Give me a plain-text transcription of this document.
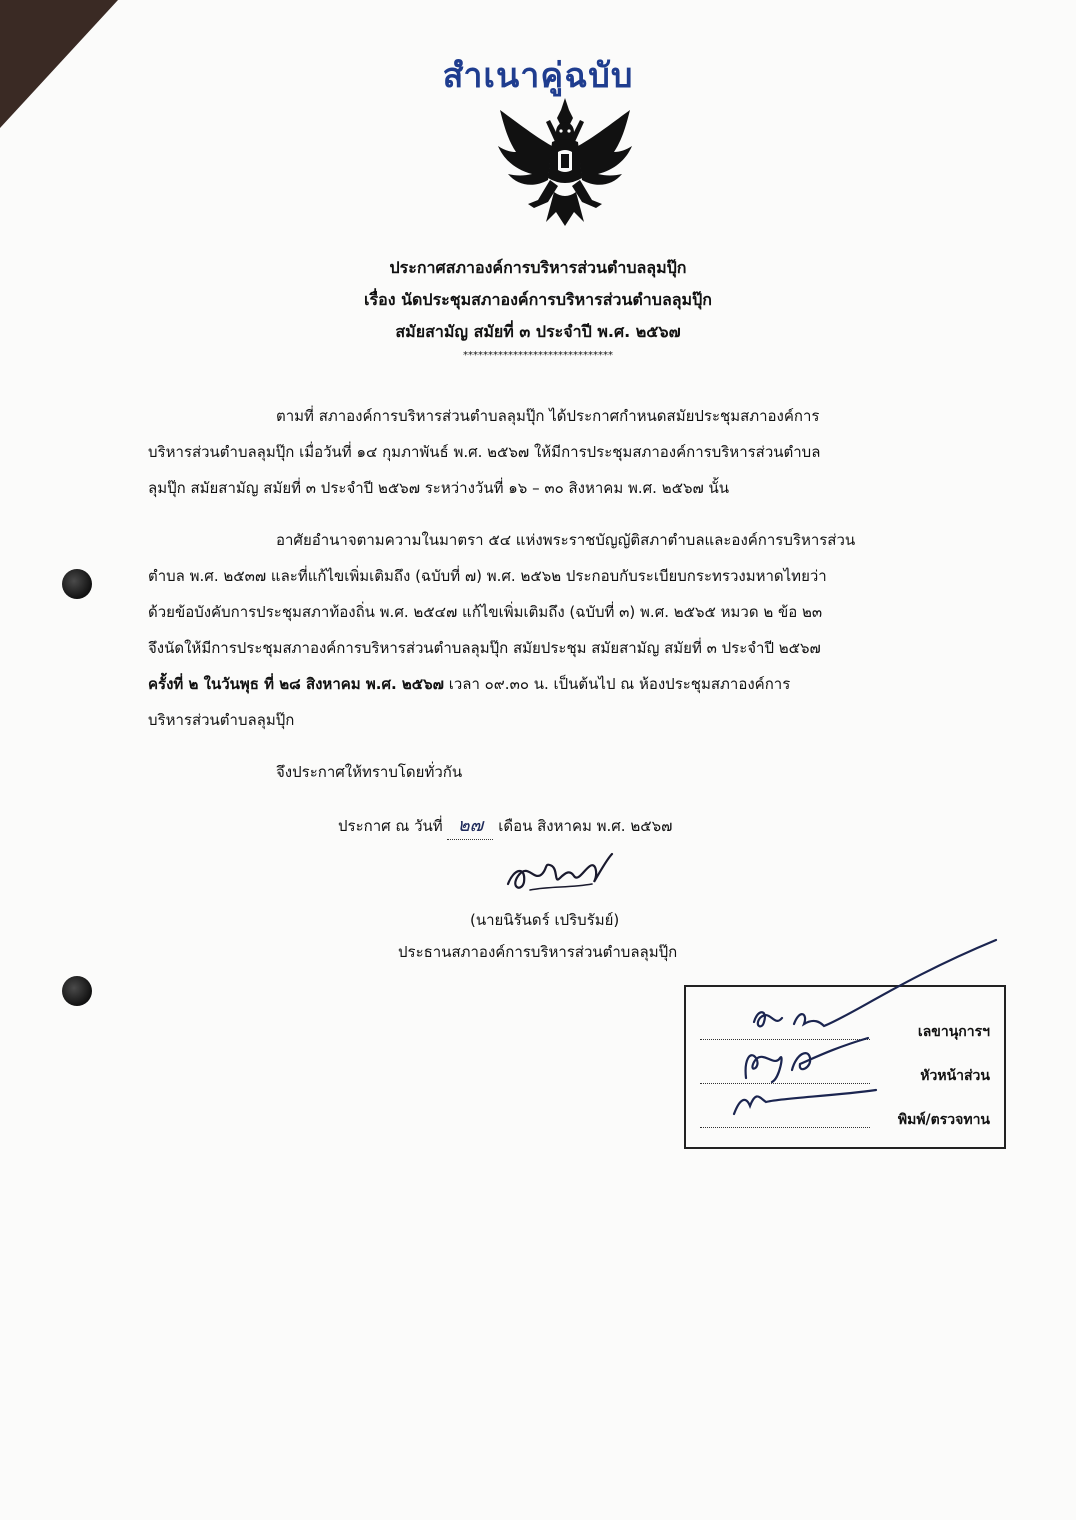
สำเนาคู่ฉบับ
ประกาศสภาองค์การบริหารส่วนตำบลลุมปุ๊ก
เรื่อง นัดประชุมสภาองค์การบริหารส่วนตำบลลุมปุ๊ก
สมัยสามัญ สมัยที่ ๓ ประจำปี พ.ศ. ๒๕๖๗
******************************
ตามที่ สภาองค์การบริหารส่วนตำบลลุมปุ๊ก ได้ประกาศกำหนดสมัยประชุมสภาองค์การ
บริหารส่วนตำบลลุมปุ๊ก เมื่อวันที่ ๑๔ กุมภาพันธ์ พ.ศ. ๒๕๖๗ ให้มีการประชุมสภาองค์การบริหารส่วนตำบล
ลุมปุ๊ก สมัยสามัญ สมัยที่ ๓ ประจำปี ๒๕๖๗ ระหว่างวันที่ ๑๖ – ๓๐ สิงหาคม พ.ศ. ๒๕๖๗ นั้น
อาศัยอำนาจตามความในมาตรา ๕๔ แห่งพระราชบัญญัติสภาตำบลและองค์การบริหารส่วน
ตำบล พ.ศ. ๒๕๓๗ และที่แก้ไขเพิ่มเติมถึง (ฉบับที่ ๗) พ.ศ. ๒๕๖๒ ประกอบกับระเบียบกระทรวงมหาดไทยว่า
ด้วยข้อบังคับการประชุมสภาท้องถิ่น พ.ศ. ๒๕๔๗ แก้ไขเพิ่มเติมถึง (ฉบับที่ ๓) พ.ศ. ๒๕๖๕ หมวด ๒ ข้อ ๒๓
จึงนัดให้มีการประชุมสภาองค์การบริหารส่วนตำบลลุมปุ๊ก สมัยประชุม สมัยสามัญ สมัยที่ ๓ ประจำปี ๒๕๖๗
ครั้งที่ ๒ ในวันพุธ ที่ ๒๘ สิงหาคม พ.ศ. ๒๕๖๗ เวลา ๐๙.๓๐ น. เป็นต้นไป ณ ห้องประชุมสภาองค์การ
บริหารส่วนตำบลลุมปุ๊ก
จึงประกาศให้ทราบโดยทั่วกัน
ประกาศ ณ วันที่ ๒๗ เดือน สิงหาคม พ.ศ. ๒๕๖๗
(นายนิรันดร์ เปริบรัมย์)
ประธานสภาองค์การบริหารส่วนตำบลลุมปุ๊ก
เลขานุการฯ
หัวหน้าส่วน
พิมพ์/ตรวจทาน
